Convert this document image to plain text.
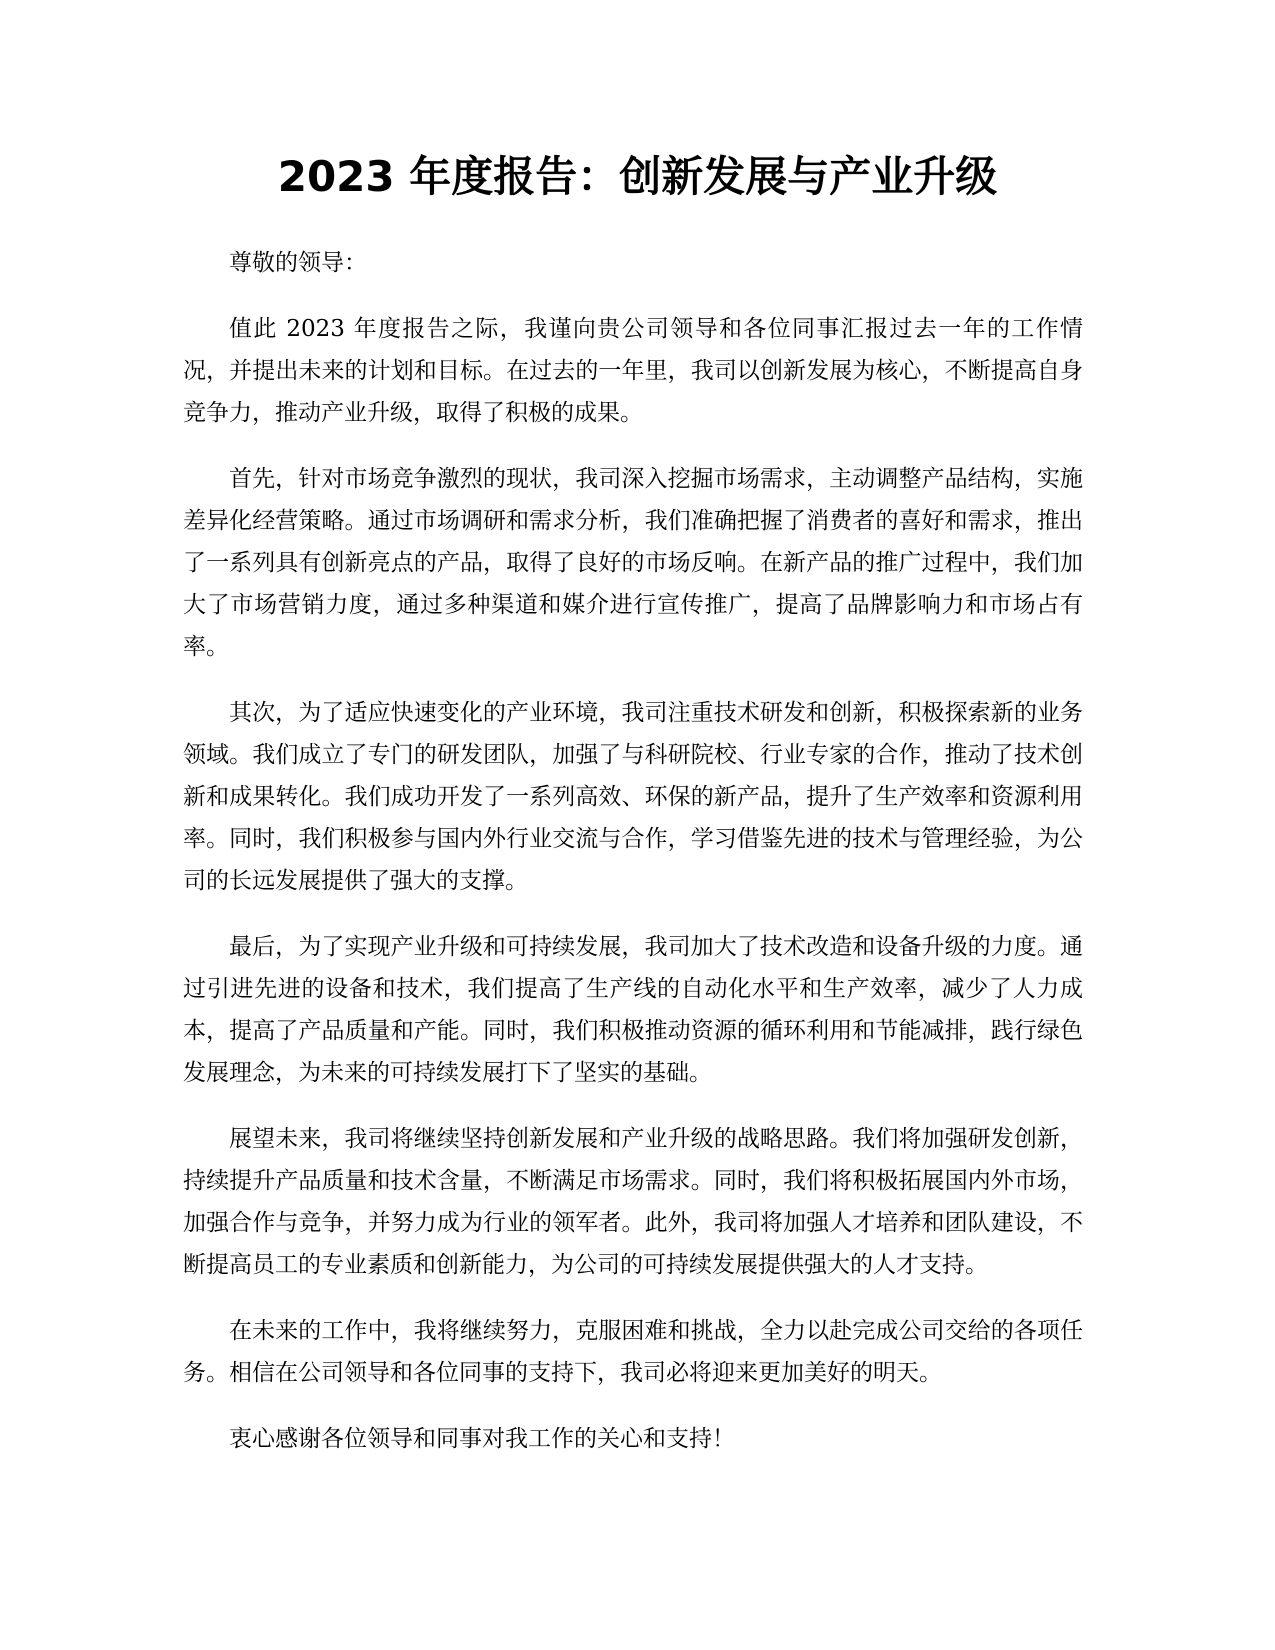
2023 年度报告：创新发展与产业升级

尊敬的领导：

值此 2023 年度报告之际，我谨向贵公司领导和各位同事汇报过去一年的工作情况，并提出未来的计划和目标。在过去的一年里，我司以创新发展为核心，不断提高自身竞争力，推动产业升级，取得了积极的成果。

首先，针对市场竞争激烈的现状，我司深入挖掘市场需求，主动调整产品结构，实施差异化经营策略。通过市场调研和需求分析，我们准确把握了消费者的喜好和需求，推出了一系列具有创新亮点的产品，取得了良好的市场反响。在新产品的推广过程中，我们加大了市场营销力度，通过多种渠道和媒介进行宣传推广，提高了品牌影响力和市场占有率。

其次，为了适应快速变化的产业环境，我司注重技术研发和创新，积极探索新的业务领域。我们成立了专门的研发团队，加强了与科研院校、行业专家的合作，推动了技术创新和成果转化。我们成功开发了一系列高效、环保的新产品，提升了生产效率和资源利用率。同时，我们积极参与国内外行业交流与合作，学习借鉴先进的技术与管理经验，为公司的长远发展提供了强大的支撑。

最后，为了实现产业升级和可持续发展，我司加大了技术改造和设备升级的力度。通过引进先进的设备和技术，我们提高了生产线的自动化水平和生产效率，减少了人力成本，提高了产品质量和产能。同时，我们积极推动资源的循环利用和节能减排，践行绿色发展理念，为未来的可持续发展打下了坚实的基础。

展望未来，我司将继续坚持创新发展和产业升级的战略思路。我们将加强研发创新，持续提升产品质量和技术含量，不断满足市场需求。同时，我们将积极拓展国内外市场，加强合作与竞争，并努力成为行业的领军者。此外，我司将加强人才培养和团队建设，不断提高员工的专业素质和创新能力，为公司的可持续发展提供强大的人才支持。

在未来的工作中，我将继续努力，克服困难和挑战，全力以赴完成公司交给的各项任务。相信在公司领导和各位同事的支持下，我司必将迎来更加美好的明天。

衷心感谢各位领导和同事对我工作的关心和支持！
